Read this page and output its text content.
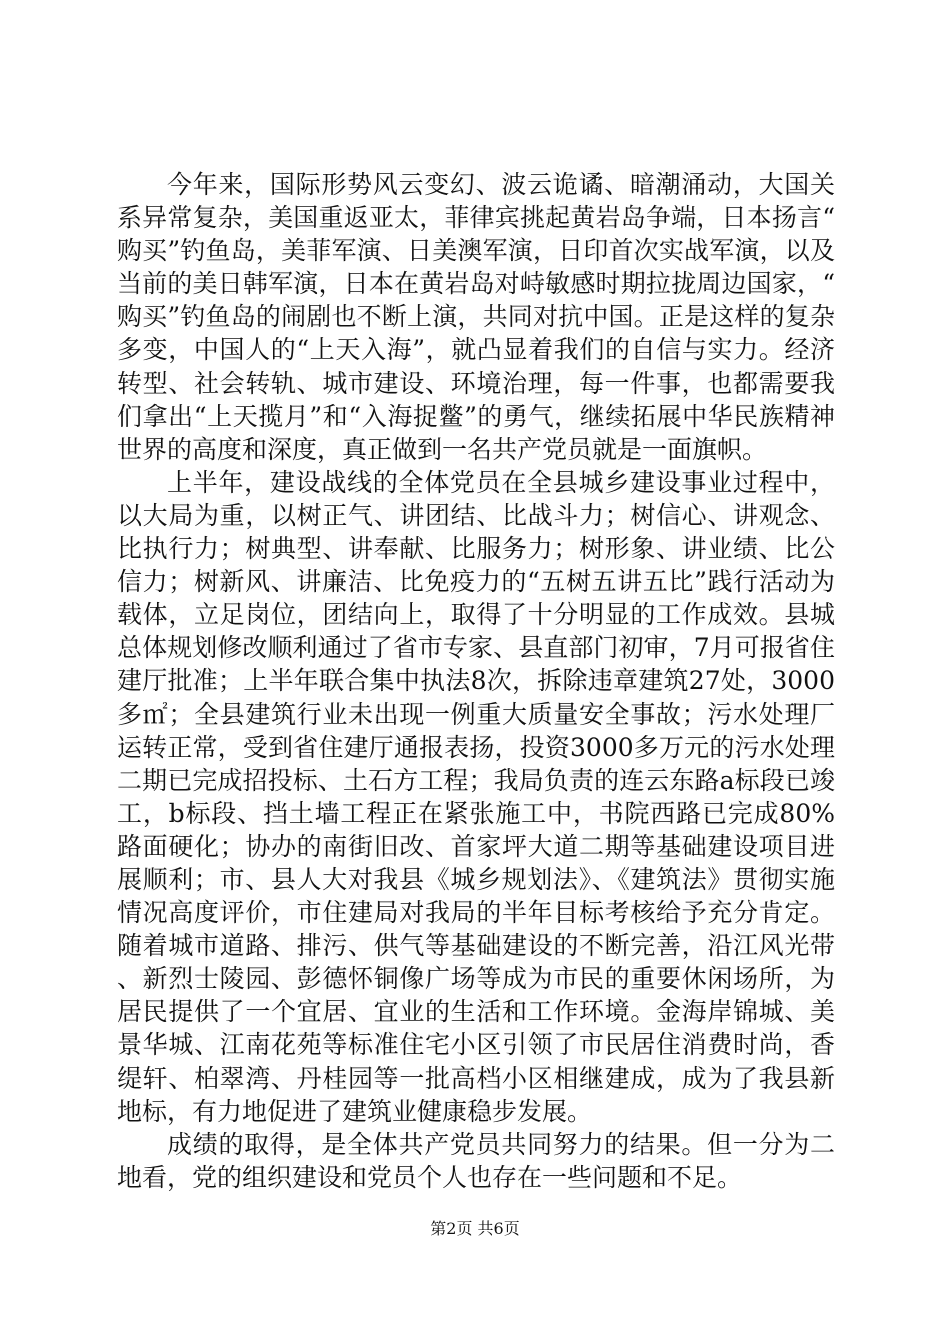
今年来，国际形势风云变幻、波云诡谲、暗潮涌动，大国关系异常复杂，美国重返亚太，菲律宾挑起黄岩岛争端，日本扬言“购买”钓鱼岛，美菲军演、日美澳军演，日印首次实战军演，以及当前的美日韩军演，日本在黄岩岛对峙敏感时期拉拢周边国家，“购买”钓鱼岛的闹剧也不断上演，共同对抗中国。正是这样的复杂多变，中国人的“上天入海”，就凸显着我们的自信与实力。经济转型、社会转轨、城市建设、环境治理，每一件事，也都需要我们拿出“上天揽月”和“入海捉鳖”的勇气，继续拓展中华民族精神世界的高度和深度，真正做到一名共产党员就是一面旗帜。

上半年，建设战线的全体党员在全县城乡建设事业过程中，以大局为重，以树正气、讲团结、比战斗力；树信心、讲观念、比执行力；树典型、讲奉献、比服务力；树形象、讲业绩、比公信力；树新风、讲廉洁、比免疫力的“五树五讲五比”践行活动为载体，立足岗位，团结向上，取得了十分明显的工作成效。县城总体规划修改顺利通过了省市专家、县直部门初审，7月可报省住建厅批准；上半年联合集中执法8次，拆除违章建筑27处，3000多㎡；全县建筑行业未出现一例重大质量安全事故；污水处理厂运转正常，受到省住建厅通报表扬，投资3000多万元的污水处理二期已完成招投标、土石方工程；我局负责的连云东路a标段已竣工，b标段、挡土墙工程正在紧张施工中，书院西路已完成80%路面硬化；协办的南街旧改、首家坪大道二期等基础建设项目进展顺利；市、县人大对我县《城乡规划法》、《建筑法》贯彻实施情况高度评价，市住建局对我局的半年目标考核给予充分肯定。随着城市道路、排污、供气等基础建设的不断完善，沿江风光带、新烈士陵园、彭德怀铜像广场等成为市民的重要休闲场所，为居民提供了一个宜居、宜业的生活和工作环境。金海岸锦城、美景华城、江南花苑等标准住宅小区引领了市民居住消费时尚，香缇轩、柏翠湾、丹桂园等一批高档小区相继建成，成为了我县新地标，有力地促进了建筑业健康稳步发展。

成绩的取得，是全体共产党员共同努力的结果。但一分为二地看，党的组织建设和党员个人也存在一些问题和不足。

第2页 共6页
